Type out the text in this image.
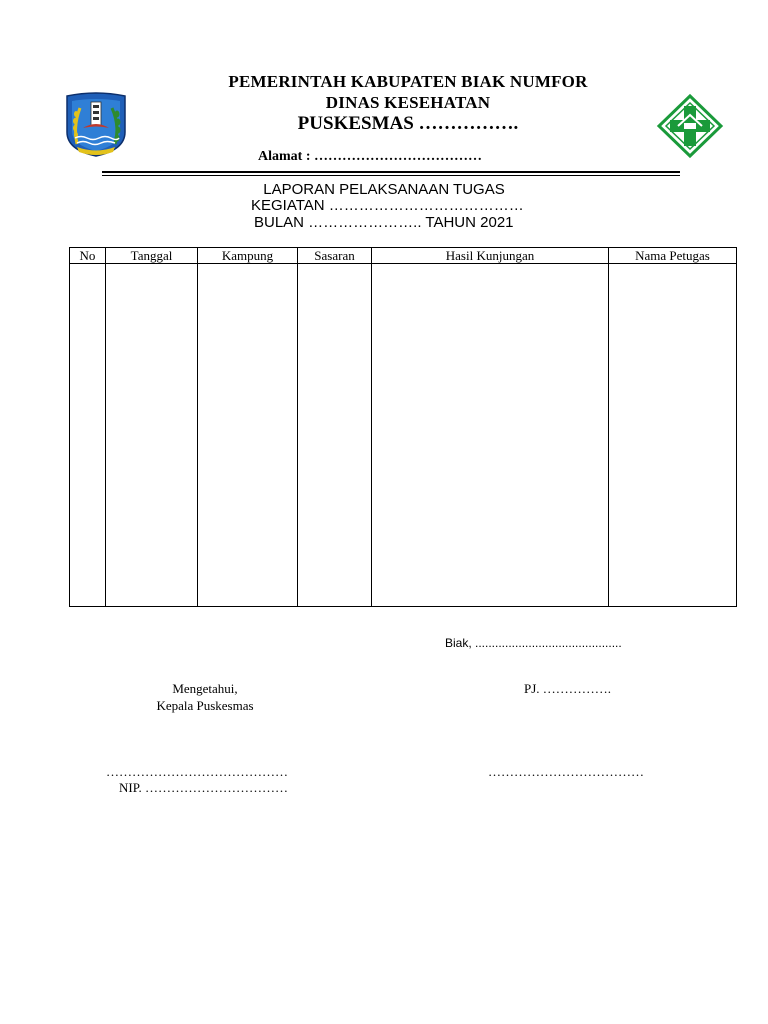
PEMERINTAH KABUPATEN BIAK NUMFOR
DINAS KESEHATAN
PUSKESMAS …………….
Alamat : ………………………………
LAPORAN PELAKSANAAN TUGAS
KEGIATAN …………………………………
BULAN ………………….. TAHUN 2021
No	Tanggal	Kampung	Sasaran	Hasil Kunjungan	Nama Petugas

Biak, ............................................
Mengetahui,
Kepala Puskesmas
PJ. …………….
……………………………………
NIP. ……………………………
………………………………
